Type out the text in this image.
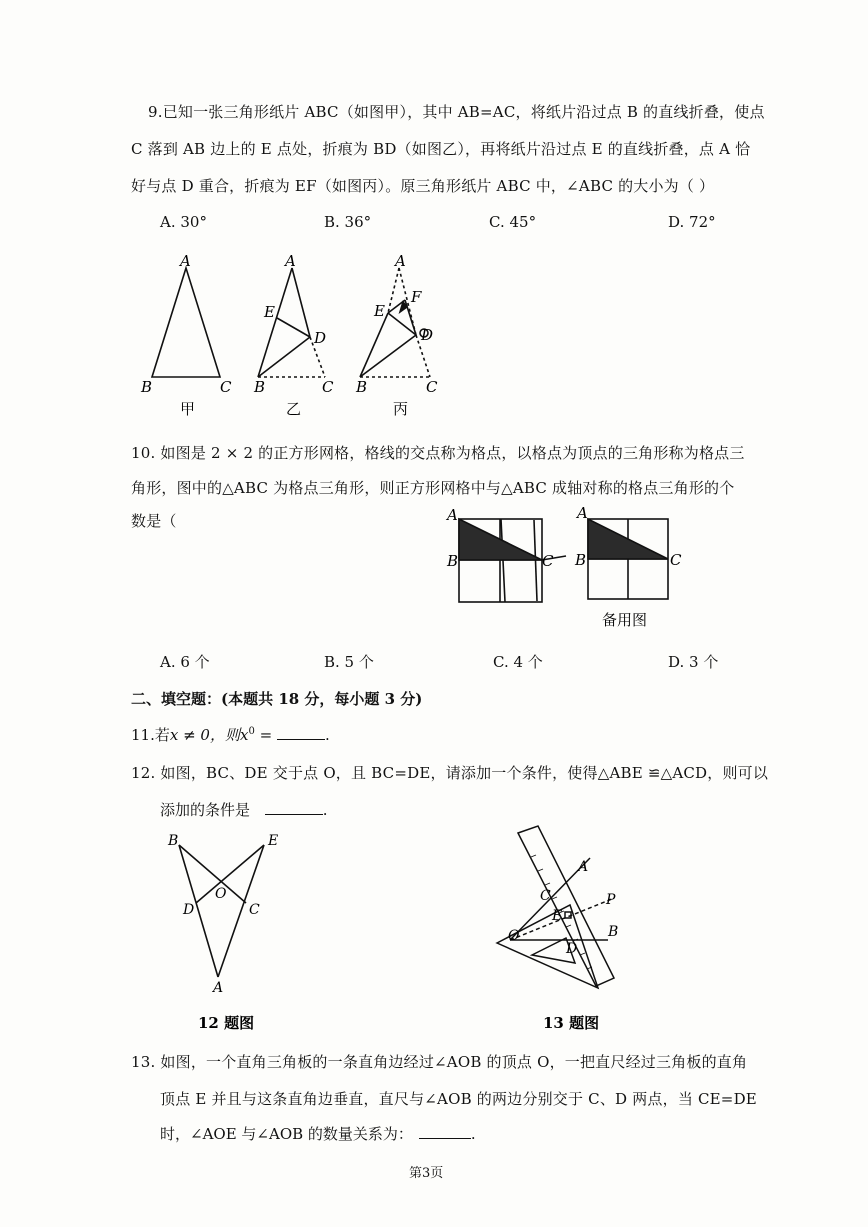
9.已知一张三角形纸片 ABC（如图甲），其中 AB=AC，将纸片沿过点 B 的直线折叠，使点
C 落到 AB 边上的 E 点处，折痕为 BD（如图乙），再将纸片沿过点 E 的直线折叠，点 A 恰
好与点 D 重合，折痕为 EF（如图丙）。原三角形纸片 ABC 中，∠ABC 的大小为（ ）
A. 30°	B. 36°	C. 45°	D. 72°
A
B	C
A
E
D
B	C
A
F
E
D
B	C
甲	乙	丙
10. 如图是 2 × 2 的正方形网格，格线的交点称为格点，以格点为顶点的三角形称为格点三
角形，图中的△ABC 为格点三角形，则正方形网格中与△ABC 成轴对称的格点三角形的个
数是（	A
B	C
A
B	C
备用图
A. 6 个	B. 5 个	C. 4 个	D. 3 个
二、填空题：(本题共 18 分，每小题 3 分)
11.若x ≠ 0，则$x^0$ =	.
12. 如图，BC、DE 交于点 O，且 BC=DE，请添加一个条件，使得△ABE ≌△ACD，则可以
添加的条件是	.
B	E
O
D	C
A
12 题图
A
C	P
E
O	B
D
13 题图
13. 如图，一个直角三角板的一条直角边经过∠AOB 的顶点 O，一把直尺经过三角板的直角
顶点 E 并且与这条直角边垂直，直尺与∠AOB 的两边分别交于 C、D 两点，当 CE=DE
时，∠AOE 与∠AOB 的数量关系为：	.
第3页
